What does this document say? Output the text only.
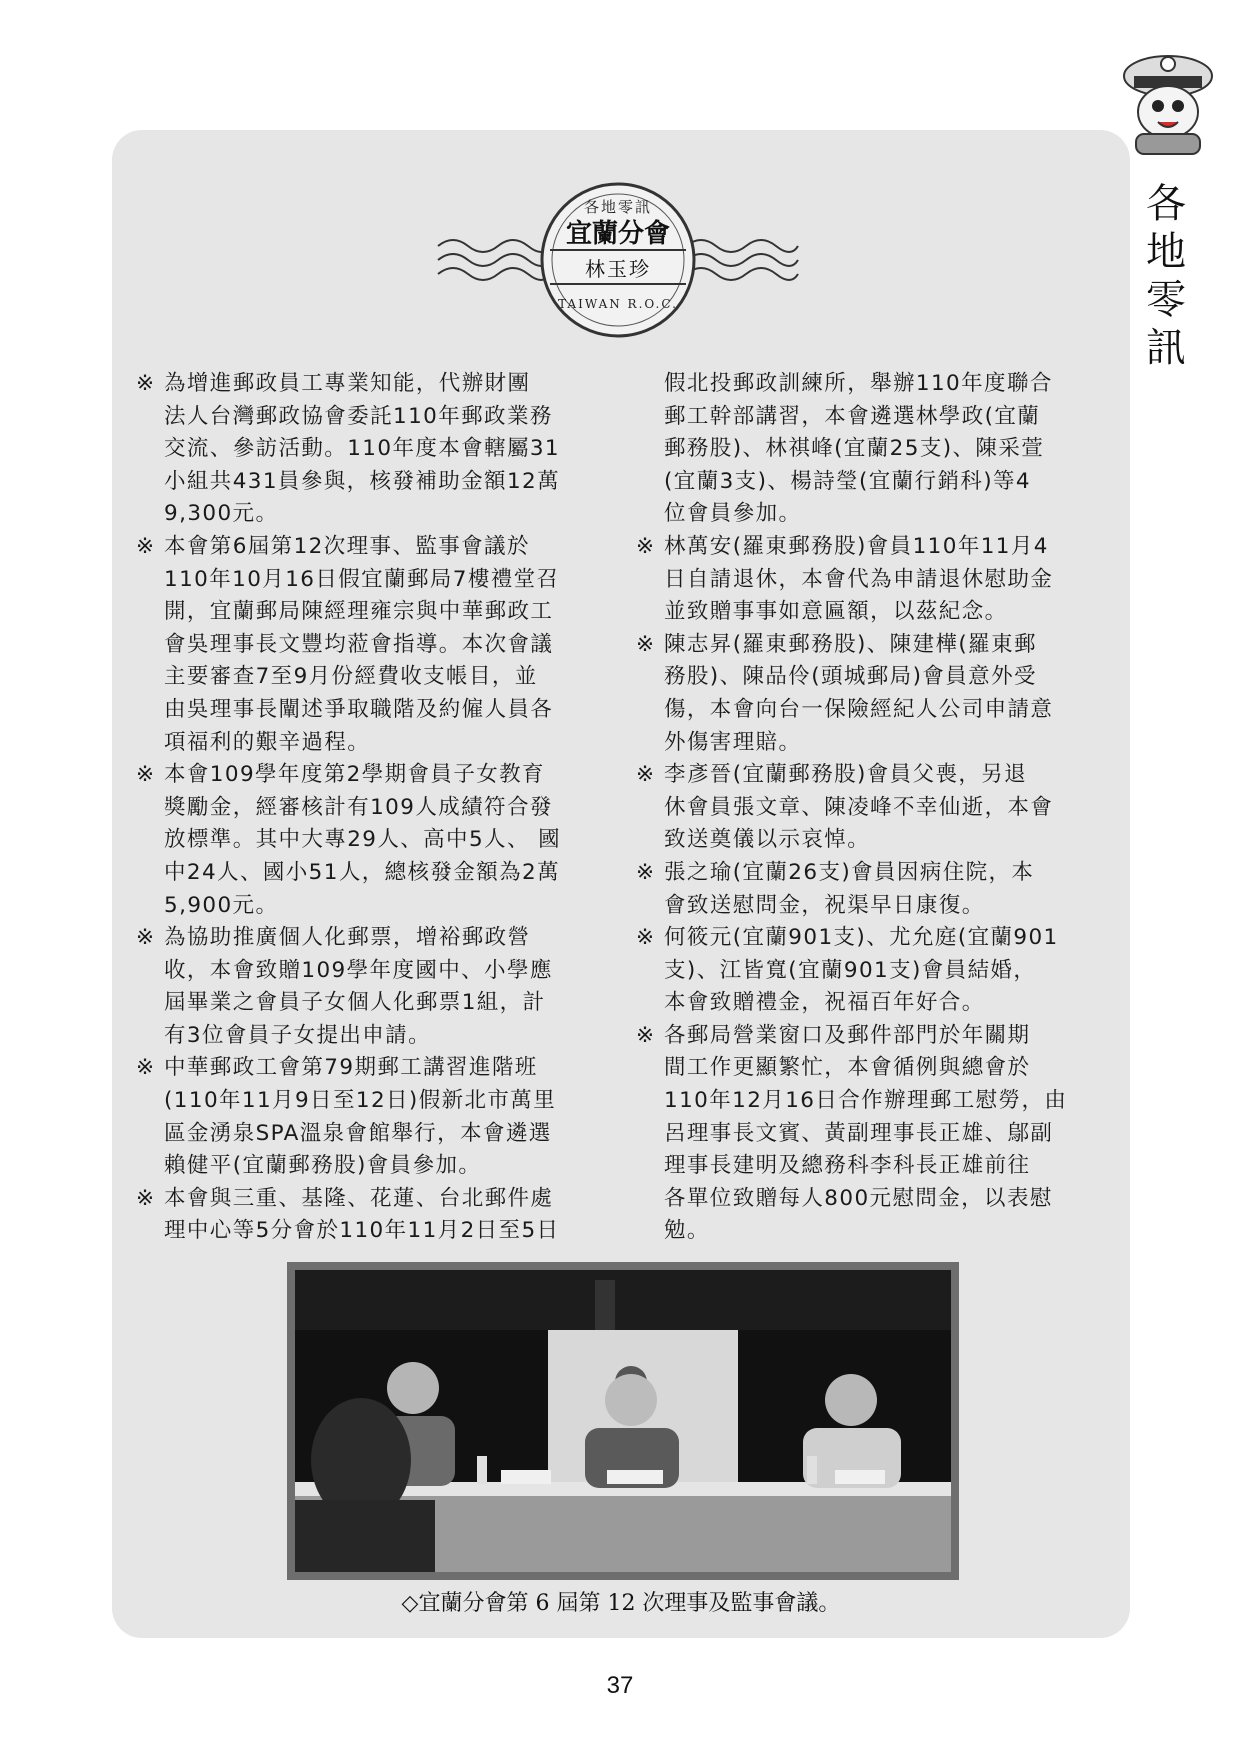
各
地
零
訊
各地零訊
宜蘭分會
林玉珍
TAIWAN R.O.C.

※ 為增進郵政員工專業知能，代辦財團

法人台灣郵政協會委託110年郵政業務

交流、參訪活動。110年度本會轄屬31

小組共431員參與，核發補助金額12萬

9,300元。

※ 本會第6屆第12次理事、監事會議於

110年10月16日假宜蘭郵局7樓禮堂召

開，宜蘭郵局陳經理雍宗與中華郵政工

會吳理事長文豐均蒞會指導。本次會議

主要審查7至9月份經費收支帳目，並

由吳理事長闡述爭取職階及約僱人員各

項福利的艱辛過程。

※ 本會109學年度第2學期會員子女教育

獎勵金，經審核計有109人成績符合發

放標準。其中大專29人、高中5人、 國

中24人、國小51人，總核發金額為2萬

5,900元。

※ 為協助推廣個人化郵票，增裕郵政營

收，本會致贈109學年度國中、小學應

屆畢業之會員子女個人化郵票1組，計

有3位會員子女提出申請。

※ 中華郵政工會第79期郵工講習進階班

(110年11月9日至12日)假新北市萬里

區金湧泉SPA溫泉會館舉行，本會遴選

賴健平(宜蘭郵務股)會員參加。

※ 本會與三重、基隆、花蓮、台北郵件處

理中心等5分會於110年11月2日至5日

假北投郵政訓練所，舉辦110年度聯合

郵工幹部講習，本會遴選林學政(宜蘭

郵務股)、林祺峰(宜蘭25支)、陳采萱

(宜蘭3支)、楊詩瑩(宜蘭行銷科)等4

位會員參加。

※ 林萬安(羅東郵務股)會員110年11月4

日自請退休，本會代為申請退休慰助金

並致贈事事如意匾額，以茲紀念。

※ 陳志昇(羅東郵務股)、陳建樺(羅東郵

務股)、陳品伶(頭城郵局)會員意外受

傷，本會向台一保險經紀人公司申請意

外傷害理賠。

※ 李彥晉(宜蘭郵務股)會員父喪，另退

休會員張文章、陳凌峰不幸仙逝，本會

致送奠儀以示哀悼。

※ 張之瑜(宜蘭26支)會員因病住院，本

會致送慰問金，祝渠早日康復。

※ 何筱元(宜蘭901支)、尤允庭(宜蘭901

支)、江皆寬(宜蘭901支)會員結婚，

本會致贈禮金，祝福百年好合。

※ 各郵局營業窗口及郵件部門於年關期

間工作更顯繁忙，本會循例與總會於

110年12月16日合作辦理郵工慰勞，由

呂理事長文賓、黃副理事長正雄、鄔副

理事長建明及總務科李科長正雄前往

各單位致贈每人800元慰問金，以表慰

勉。

◇宜蘭分會第 6 屆第 12 次理事及監事會議。
37
